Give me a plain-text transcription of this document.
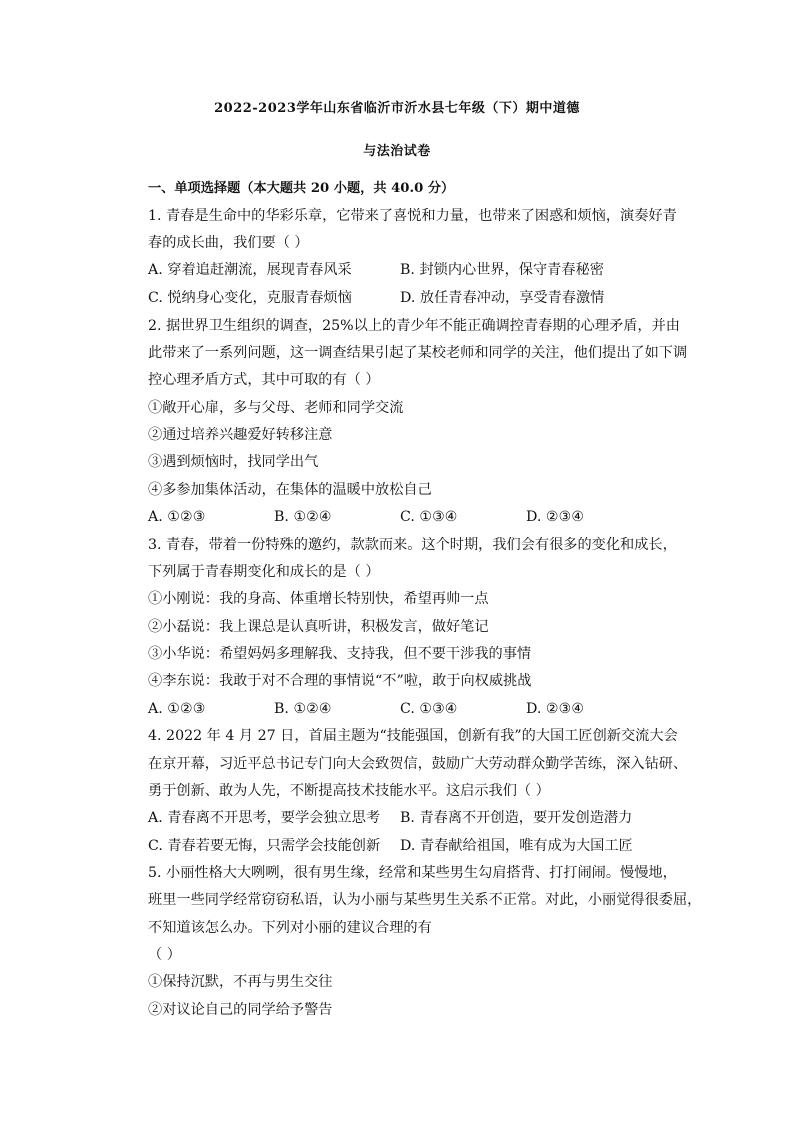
2022-2023学年山东省临沂市沂水县七年级（下）期中道德
与法治试卷
一、单项选择题（本大题共 20 小题，共 40.0 分）
1. 青春是生命中的华彩乐章，它带来了喜悦和力量，也带来了困惑和烦恼，演奏好青
春的成长曲，我们要（ ）
A. 穿着追赶潮流，展现青春风采	B. 封锁内心世界，保守青春秘密
C. 悦纳身心变化，克服青春烦恼	D. 放任青春冲动，享受青春激情
2. 据世界卫生组织的调查，25%以上的青少年不能正确调控青春期的心理矛盾，并由
此带来了一系列问题，这一调查结果引起了某校老师和同学的关注，他们提出了如下调
控心理矛盾方式，其中可取的有（ ）
①敞开心扉，多与父母、老师和同学交流
②通过培养兴趣爱好转移注意
③遇到烦恼时，找同学出气
④多参加集体活动，在集体的温暖中放松自己
A. ①②③	B. ①②④	C. ①③④	D. ②③④
3. 青春，带着一份特殊的邀约，款款而来。这个时期，我们会有很多的变化和成长，
下列属于青春期变化和成长的是（ ）
①小刚说：我的身高、体重增长特别快，希望再帅一点
②小磊说：我上课总是认真听讲，积极发言，做好笔记
③小华说：希望妈妈多理解我、支持我，但不要干涉我的事情
④李东说：我敢于对不合理的事情说“不”啦，敢于向权威挑战
A. ①②③	B. ①②④	C. ①③④	D. ②③④
4. 2022 年 4 月 27 日，首届主题为“技能强国，创新有我”的大国工匠创新交流大会
在京开幕，习近平总书记专门向大会致贺信，鼓励广大劳动群众勤学苦练，深入钻研、
勇于创新、敢为人先，不断提高技术技能水平。这启示我们（ ）
A. 青春离不开思考，要学会独立思考 B. 青春离不开创造，要开发创造潜力
C. 青春若要无悔，只需学会技能创新 D. 青春献给祖国，唯有成为大国工匠
5. 小丽性格大大咧咧，很有男生缘，经常和某些男生勾肩搭背、打打闹闹。慢慢地，
班里一些同学经常窃窃私语，认为小丽与某些男生关系不正常。对此，小丽觉得很委屈，
不知道该怎么办。下列对小丽的建议合理的有
（ ）
①保持沉默，不再与男生交往
②对议论自己的同学给予警告
